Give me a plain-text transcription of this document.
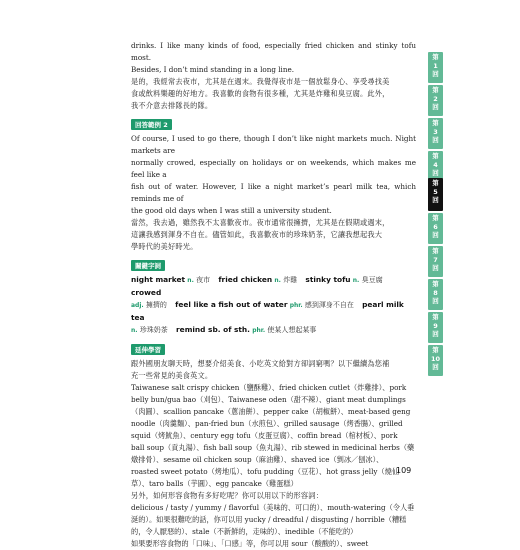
drinks. I like many kinds of food, especially fried chicken and stinky tofu most.

Besides, I don’t mind standing in a long line.

是的，我經常去夜市，尤其是在週末。我覺得夜市是一個放鬆身心、享受尋找美

食或飲料樂趣的好地方。我喜歡的食物有很多種，尤其是炸雞和臭豆腐。此外，

我不介意去排隊長的隊。

回答範例 2

Of course, I used to go there, though I don’t like night markets much. Night markets are

normally crowed, especially on holidays or on weekends, which makes me feel like a

fish out of water. However, I like a night market’s pearl milk tea, which reminds me of

the good old days when I was still a university student.

當然，我去過，雖然我不太喜歡夜市。夜市通常很擁擠，尤其是在假期或週末，

這讓我感到渾身不自在。儘管如此，我喜歡夜市的珍珠奶茶，它讓我想起我大

學時代的美好時光。

關鍵字詞

night market n. 夜市 fried chicken n. 炸雞 stinky tofu n. 臭豆腐 crowed

adj. 擁擠的 feel like a fish out of water phr. 感到渾身不自在 pearl milk tea

n. 珍珠奶茶 remind sb. of sth. phr. 使某人想起某事

延伸學習

跟外國朋友聊天時，想要介紹美食、小吃英文給對方卻詞窮嗎？以下繼續為您補

充一些常見的美食英文。

Taiwanese salt crispy chicken（鹽酥雞）、fried chicken cutlet（炸雞排）、pork

belly bun/gua bao（刈包）、Taiwanese oden（甜不辣）、giant meat dumplings

（肉圓）、scallion pancake（蔥油餅）、pepper cake（胡椒餅）、meat-based geng

noodle（肉羹麵）、pan-fried bun（水煎包）、grilled sausage（烤香腸）、grilled

squid（烤魷魚）、century egg tofu（皮蛋豆腐）、coffin bread（棺材板）、pork

ball soup（貢丸湯）、fish ball soup（魚丸湯）、rib stewed in medicinal herbs（藥

燉排骨）、sesame oil chicken soup（麻油雞）、shaved ice（剉冰／刨冰）、

roasted sweet potato（烤地瓜）、tofu pudding（豆花）、hot grass jelly（燒仙

草）、taro balls（芋圓）、egg pancake（雞蛋糕）

另外，如何形容食物有多好吃呢？你可以用以下的形容詞：

delicious / tasty / yummy / flavorful（美味的、可口的）、mouth-watering（令人垂

涎的）。如果很難吃的話，你可以用 yucky / dreadful / disgusting / horrible（糟糕

的，令人厭惡的）、stale（不新鮮的，走味的）、inedible（不能吃的）

如果要形容食物的「口味」、「口感」等，你可以用 sour（酸酸的）、sweet

第
1
回
第
2
回
第
3
回
第
4
回
第
5
回
第
6
回
第
7
回
第
8
回
第
9
回
第
10
回
109
